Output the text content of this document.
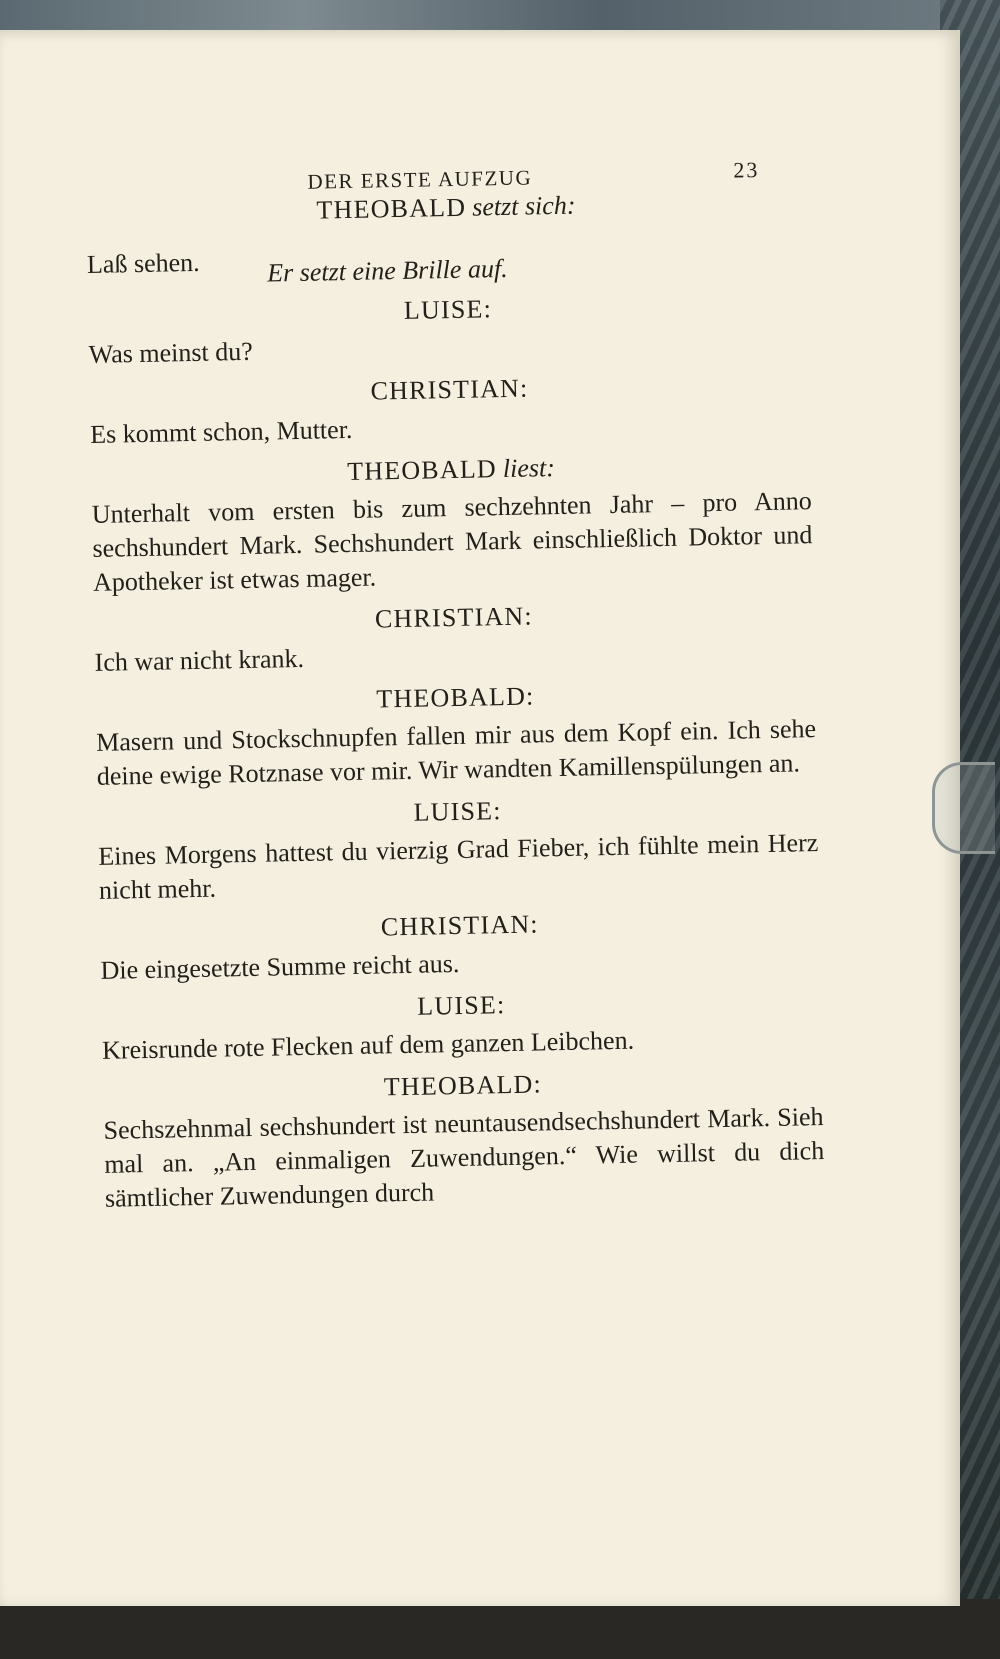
DER ERSTE AUFZUG	23
THEOBALD setzt sich:
Laß sehen.	Er setzt eine Brille auf.
LUISE:
Was meinst du?
CHRISTIAN:
Es kommt schon, Mutter.
THEOBALD liest:
Unterhalt vom ersten bis zum sechzehnten Jahr – pro Anno sechshundert Mark. Sechshundert Mark einschließlich Doktor und Apotheker ist etwas mager.
CHRISTIAN:
Ich war nicht krank.
THEOBALD:
Masern und Stockschnupfen fallen mir aus dem Kopf ein. Ich sehe deine ewige Rotznase vor mir. Wir wandten Kamillenspülungen an.
LUISE:
Eines Morgens hattest du vierzig Grad Fieber, ich fühlte mein Herz nicht mehr.
CHRISTIAN:
Die eingesetzte Summe reicht aus.
LUISE:
Kreisrunde rote Flecken auf dem ganzen Leibchen.
THEOBALD:
Sechszehnmal sechshundert ist neuntausendsechshundert Mark. Sieh mal an. „An einmaligen Zuwendungen.“ Wie willst du dich sämtlicher Zuwendungen durch
